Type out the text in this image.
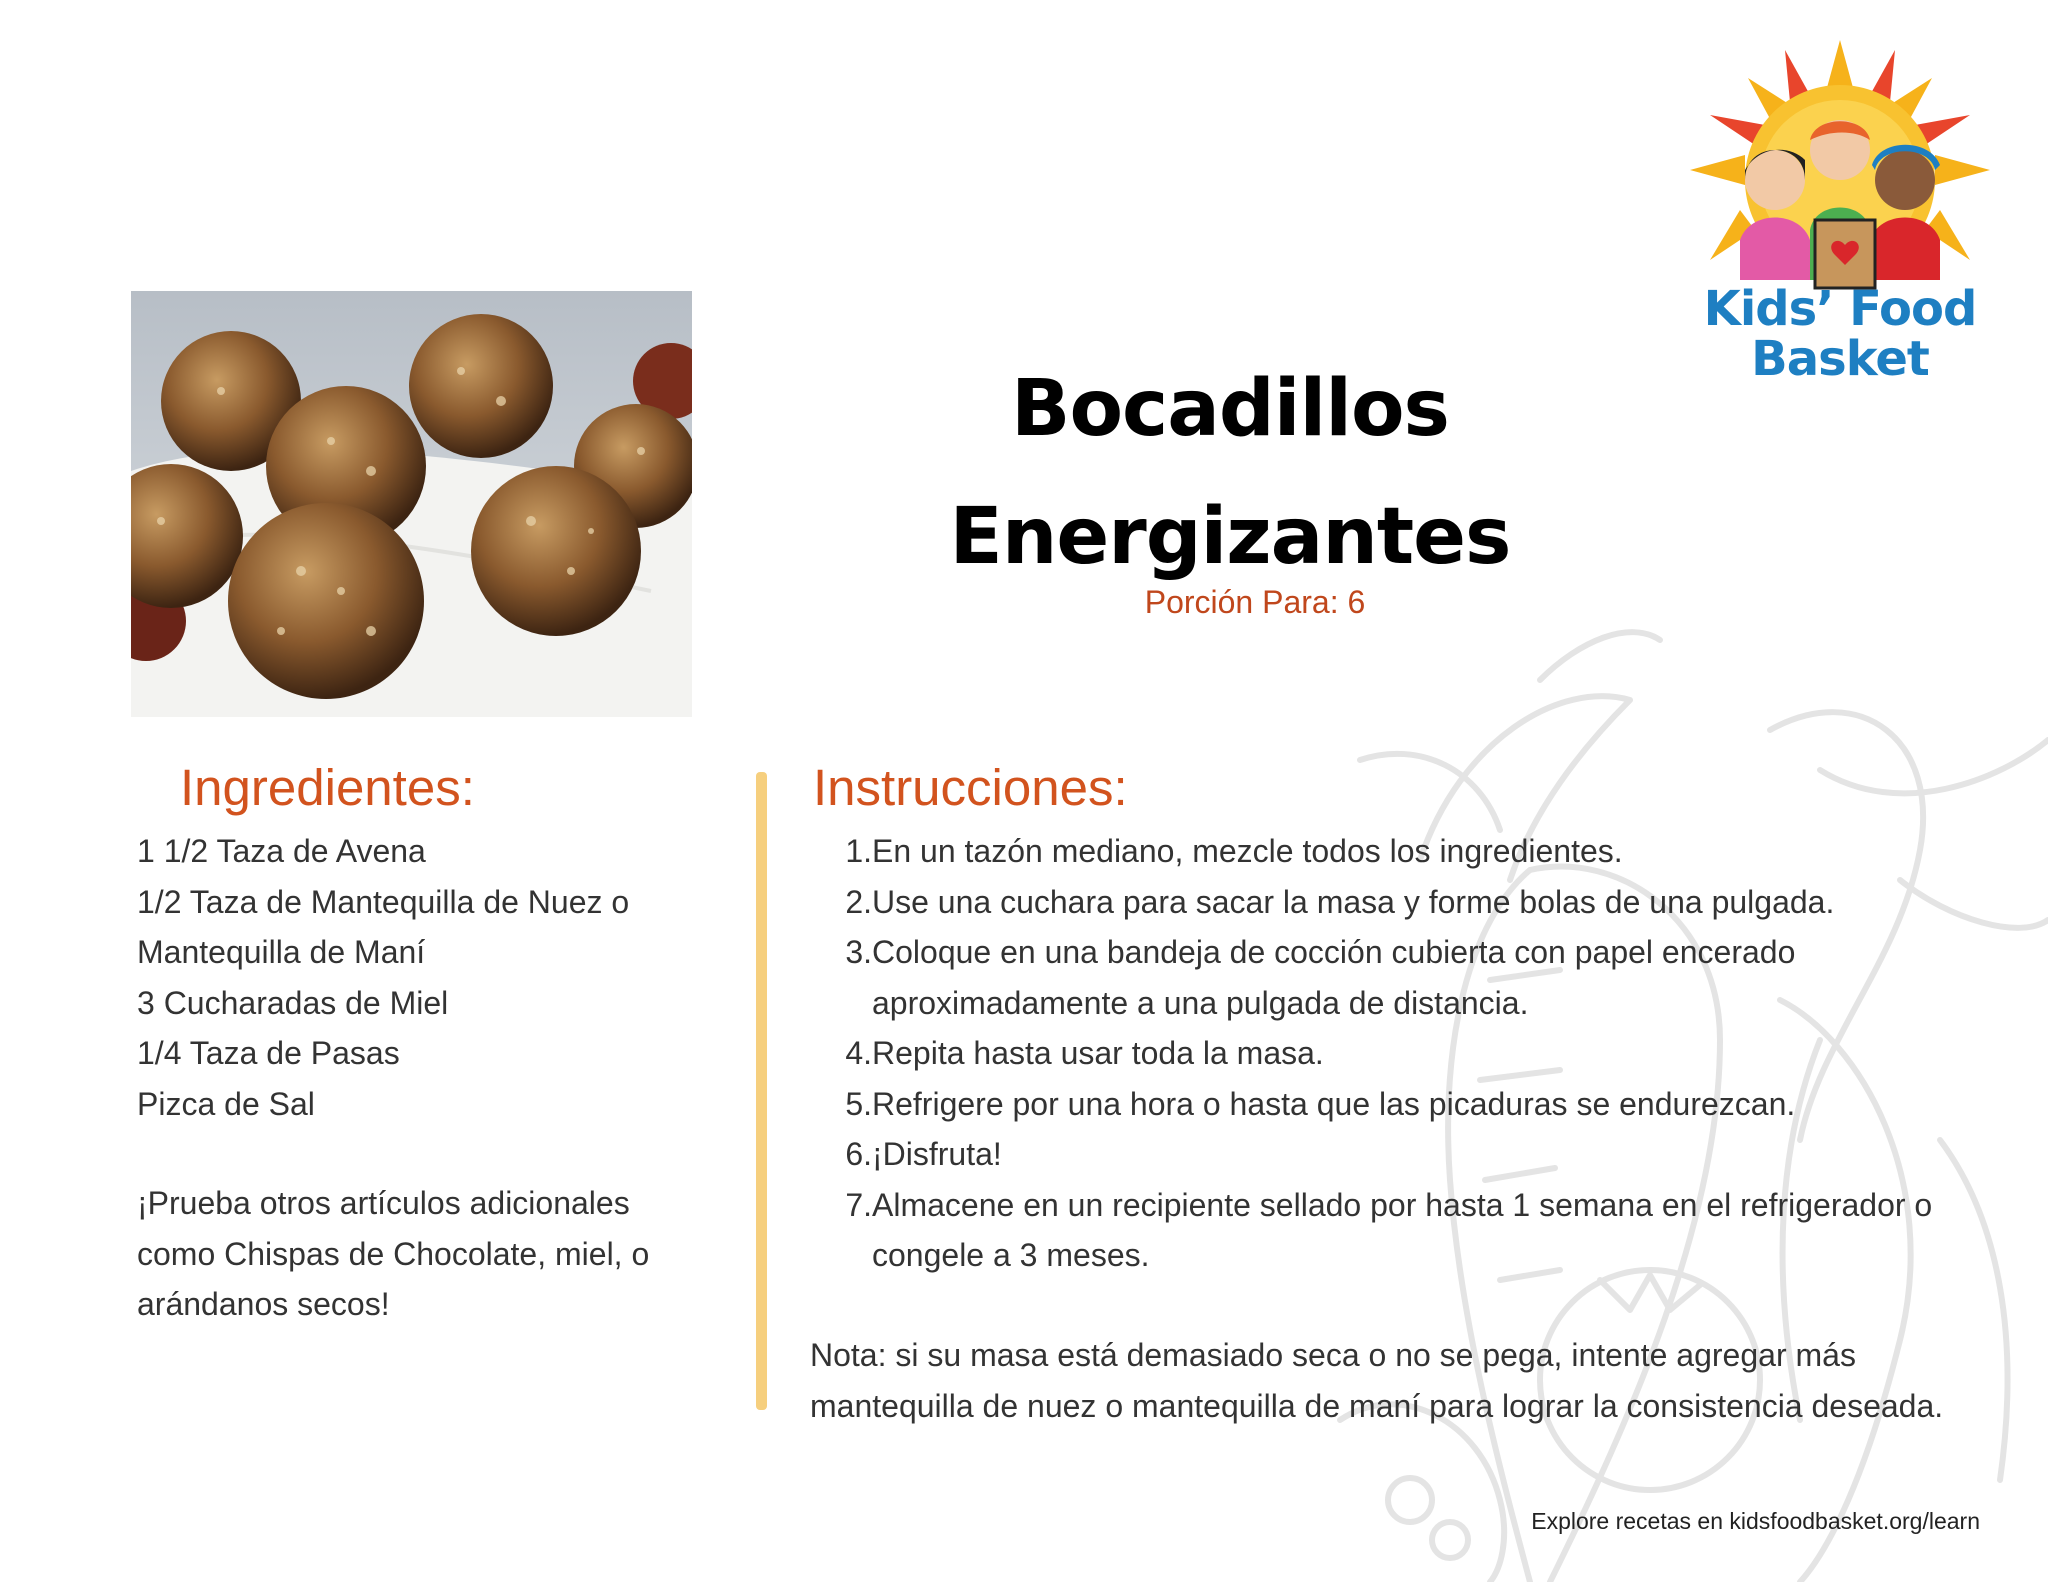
Kids’ Food
Basket
Bocadillos
Energizantes
Porción Para: 6
Ingredientes:
1 1/2 Taza de Avena
1/2 Taza de Mantequilla de Nuez o
Mantequilla de Maní
3 Cucharadas de Miel
1/4 Taza de Pasas
Pizca de Sal
¡Prueba otros artículos adicionales como Chispas de Chocolate, miel, o arándanos secos!
Instrucciones:
1. En un tazón mediano, mezcle todos los ingredientes.
2. Use una cuchara para sacar la masa y forme bolas de una pulgada.
3. Coloque en una bandeja de cocción cubierta con papel encerado aproximadamente a una pulgada de distancia.
4. Repita hasta usar toda la masa.
5. Refrigere por una hora o hasta que las picaduras se endurezcan.
6. ¡Disfruta!
7. Almacene en un recipiente sellado por hasta 1 semana en el refrigerador o congele a 3 meses.
Nota: si su masa está demasiado seca o no se pega, intente agregar más mantequilla de nuez o mantequilla de maní para lograr la consistencia deseada.
Explore recetas en kidsfoodbasket.org/learn
